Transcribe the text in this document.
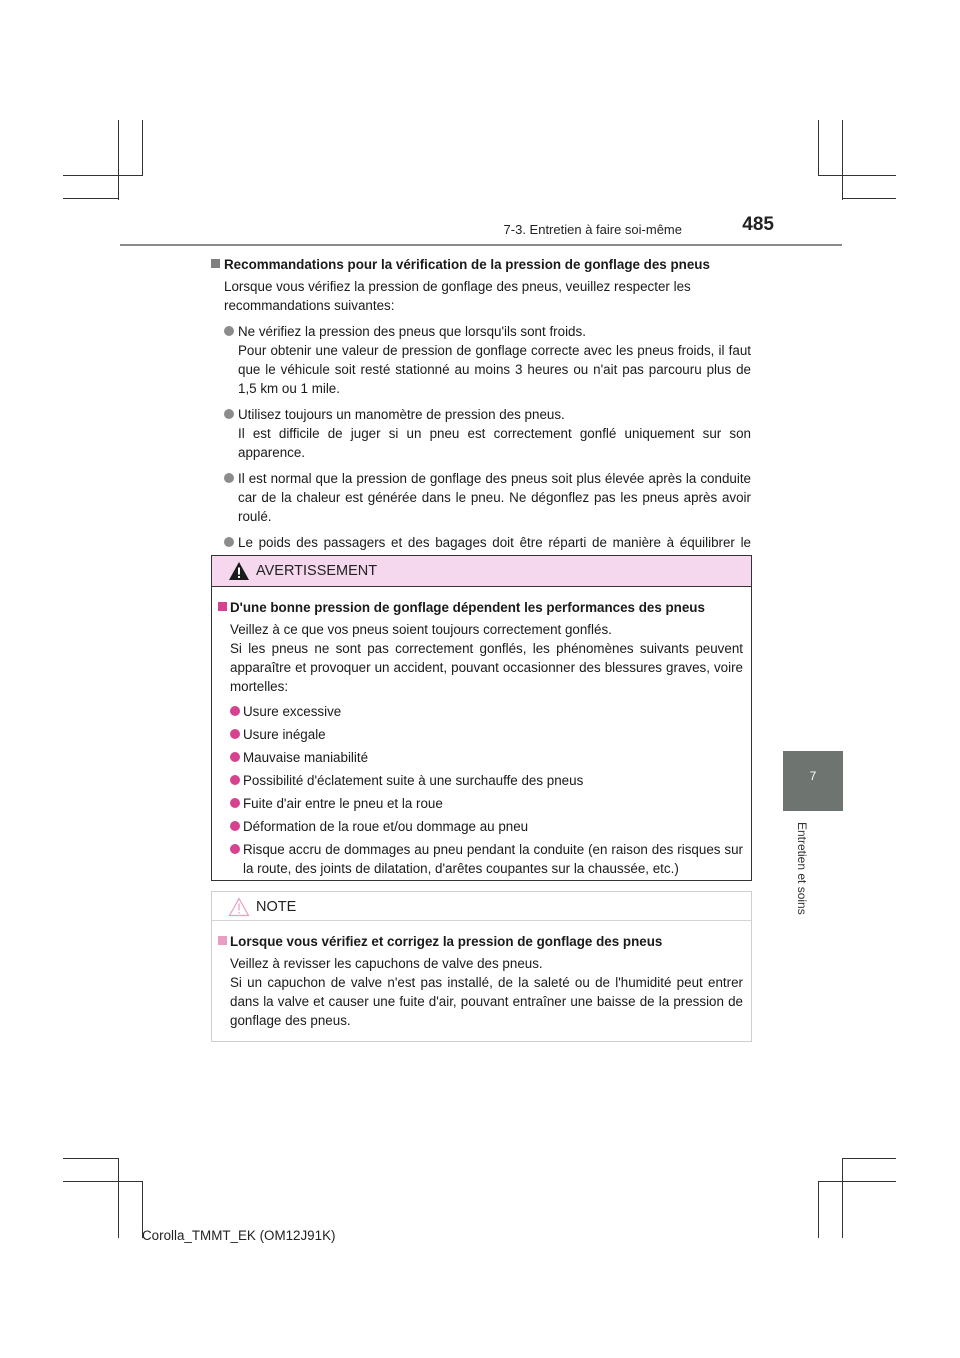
7-3. Entretien à faire soi-même	485
7
Entretien et soins
Recommandations pour la vérification de la pression de gonflage des pneus
Lorsque vous vérifiez la pression de gonflage des pneus, veuillez respecter les recommandations suivantes:
Ne vérifiez la pression des pneus que lorsqu'ils sont froids.
Pour obtenir une valeur de pression de gonflage correcte avec les pneus froids, il faut que le véhicule soit resté stationné au moins 3 heures ou n'ait pas parcouru plus de 1,5 km ou 1 mile.
Utilisez toujours un manomètre de pression des pneus.
Il est difficile de juger si un pneu est correctement gonflé uniquement sur son apparence.
Il est normal que la pression de gonflage des pneus soit plus élevée après la conduite car de la chaleur est générée dans le pneu. Ne dégonflez pas les pneus après avoir roulé.
Le poids des passagers et des bagages doit être réparti de manière à équilibrer le
AVERTISSEMENT
D'une bonne pression de gonflage dépendent les performances des pneus
Veillez à ce que vos pneus soient toujours correctement gonflés.
Si les pneus ne sont pas correctement gonflés, les phénomènes suivants peuvent apparaître et provoquer un accident, pouvant occasionner des blessures graves, voire mortelles:
Usure excessive
Usure inégale
Mauvaise maniabilité
Possibilité d'éclatement suite à une surchauffe des pneus
Fuite d'air entre le pneu et la roue
Déformation de la roue et/ou dommage au pneu
Risque accru de dommages au pneu pendant la conduite (en raison des risques sur la route, des joints de dilatation, d'arêtes coupantes sur la chaussée, etc.)
NOTE
Lorsque vous vérifiez et corrigez la pression de gonflage des pneus
Veillez à revisser les capuchons de valve des pneus.
Si un capuchon de valve n'est pas installé, de la saleté ou de l'humidité peut entrer dans la valve et causer une fuite d'air, pouvant entraîner une baisse de la pression de gonflage des pneus.
Corolla_TMMT_EK (OM12J91K)
